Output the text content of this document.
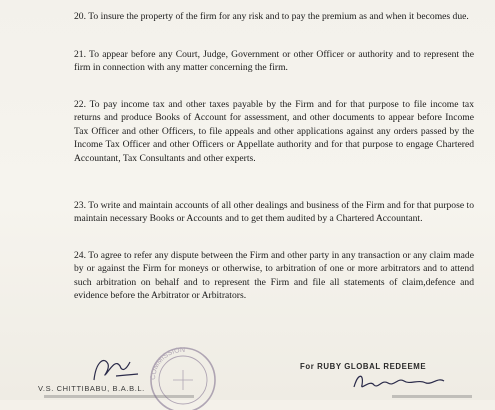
20. To insure the property of the firm for any risk and to pay the premium as and when it becomes due.

21. To appear before any Court, Judge, Government or other Officer or authority and to represent the firm in connection with any matter concerning the firm.

22. To pay income tax and other taxes payable by the Firm and for that purpose to file income tax returns and produce Books of Account for assessment, and other documents to appear before Income Tax Officer and other Officers, to file appeals and other applications against any orders passed by the Income Tax Officer and other Officers or Appellate authority and for that purpose to engage Chartered Accountant, Tax Consultants and other experts.

23. To write and maintain accounts of all other dealings and business of the Firm and for that purpose to maintain necessary Books or Accounts and to get them audited by a Chartered Accountant.

24. To agree to refer any dispute between the Firm and other party in any transaction or any claim made by or against the Firm for moneys or otherwise, to arbitration of one or more arbitrators and to attend such arbitration on behalf and to represent the Firm and file all statements of claim,defence and evidence before the Arbitrator or Arbitrators.

V.S. CHITTIBABU, B.A.B.L.
COMMISSION
For RUBY GLOBAL REDEEME
